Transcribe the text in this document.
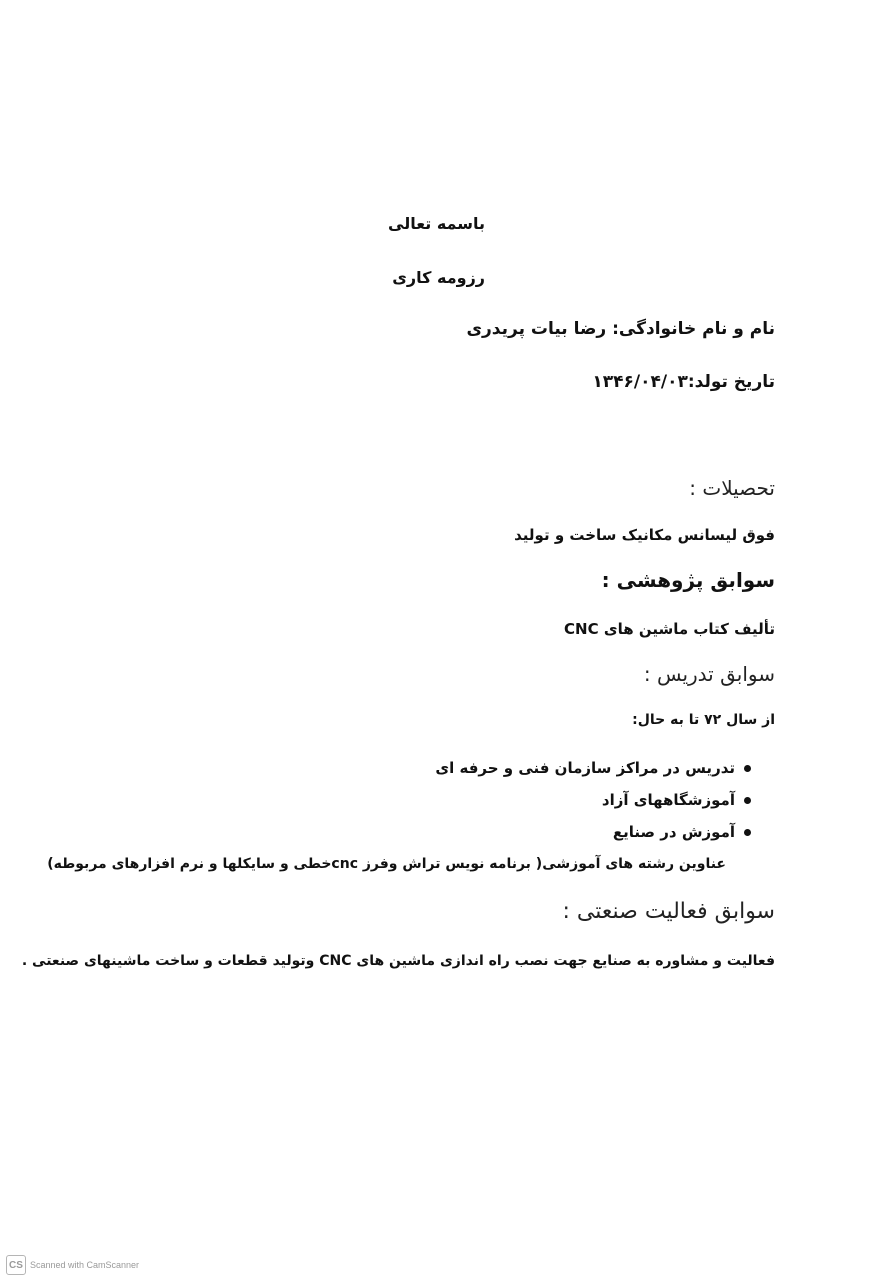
باسمه تعالی
رزومه کاری
نام و نام خانوادگی: رضا بیات پریدری
تاریخ تولد:۱۳۴۶/۰۴/۰۳
تحصیلات :
فوق لیسانس مکانیک ساخت و تولید
سوابق پژوهشی :
تألیف کتاب ماشین های CNC
سوابق تدریس :
از سال ۷۲ تا به حال:
تدریس در مراکز سازمان فنی و حرفه ای
آموزشگاههای آزاد
آموزش در صنایع
عناوین رشته های آموزشی( برنامه نویس تراش وفرز cncخطی و سایکلها و نرم افزارهای مربوطه)
سوابق فعالیت صنعتی :
فعالیت و مشاوره به صنایع جهت نصب راه اندازی ماشین های CNC وتولید قطعات و ساخت ماشینهای صنعتی .
CS Scanned with CamScanner
